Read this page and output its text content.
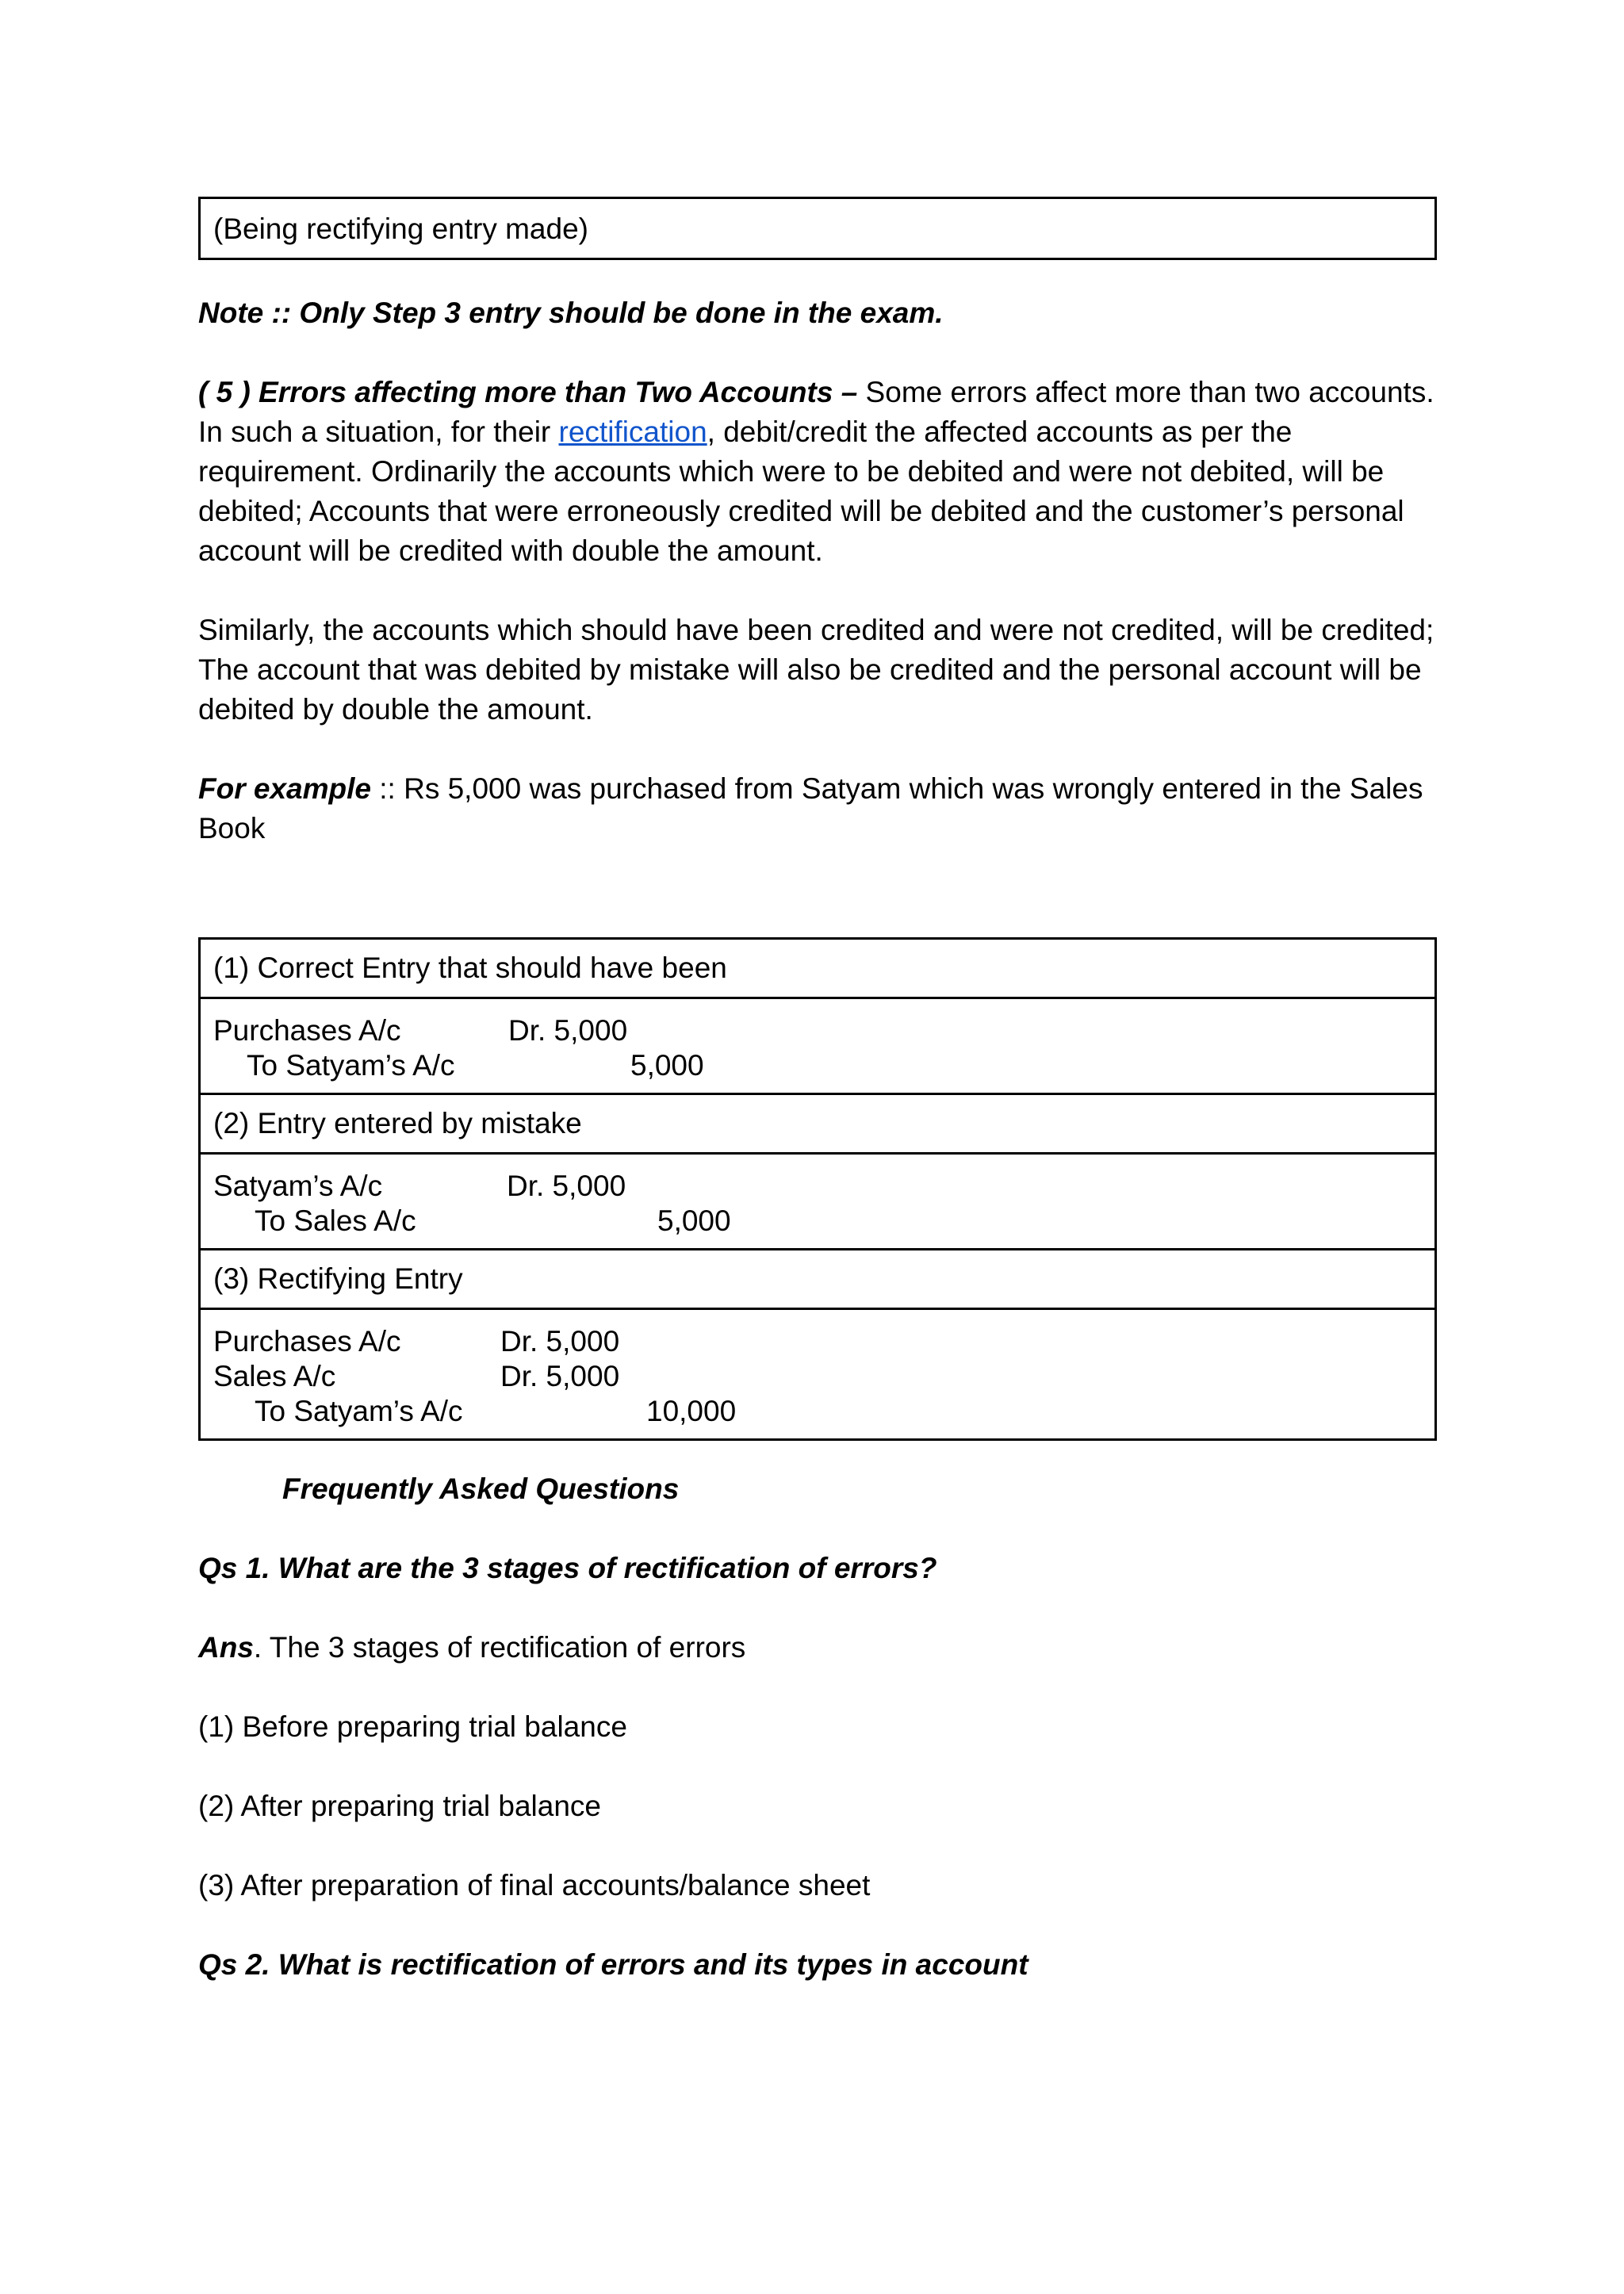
(Being rectifying entry made)

Note :: Only Step 3 entry should be done in the exam.

( 5 ) Errors affecting more than Two Accounts – Some errors affect more than two accounts. In such a situation, for their rectification, debit/credit the affected accounts as per the requirement. Ordinarily the accounts which were to be debited and were not debited, will be debited; Accounts that were erroneously credited will be debited and the customer’s personal account will be credited with double the amount.

Similarly, the accounts which should have been credited and were not credited, will be credited; The account that was debited by mistake will also be credited and the personal account will be debited by double the amount.

For example :: Rs 5,000 was purchased from Satyam which was wrongly entered in the Sales Book

(1) Correct Entry that should have been
Purchases A/c	Dr. 5,000
To Satyam’s A/c	5,000
(2) Entry entered by mistake
Satyam’s A/c	Dr. 5,000
To Sales A/c	5,000
(3) Rectifying Entry
Purchases A/c	Dr. 5,000
Sales A/c	Dr. 5,000
To Satyam’s A/c	10,000

Frequently Asked Questions

Qs 1. What are the 3 stages of rectification of errors?

Ans. The 3 stages of rectification of errors

(1) Before preparing trial balance

(2) After preparing trial balance

(3) After preparation of final accounts/balance sheet

Qs 2. What is rectification of errors and its types in account
